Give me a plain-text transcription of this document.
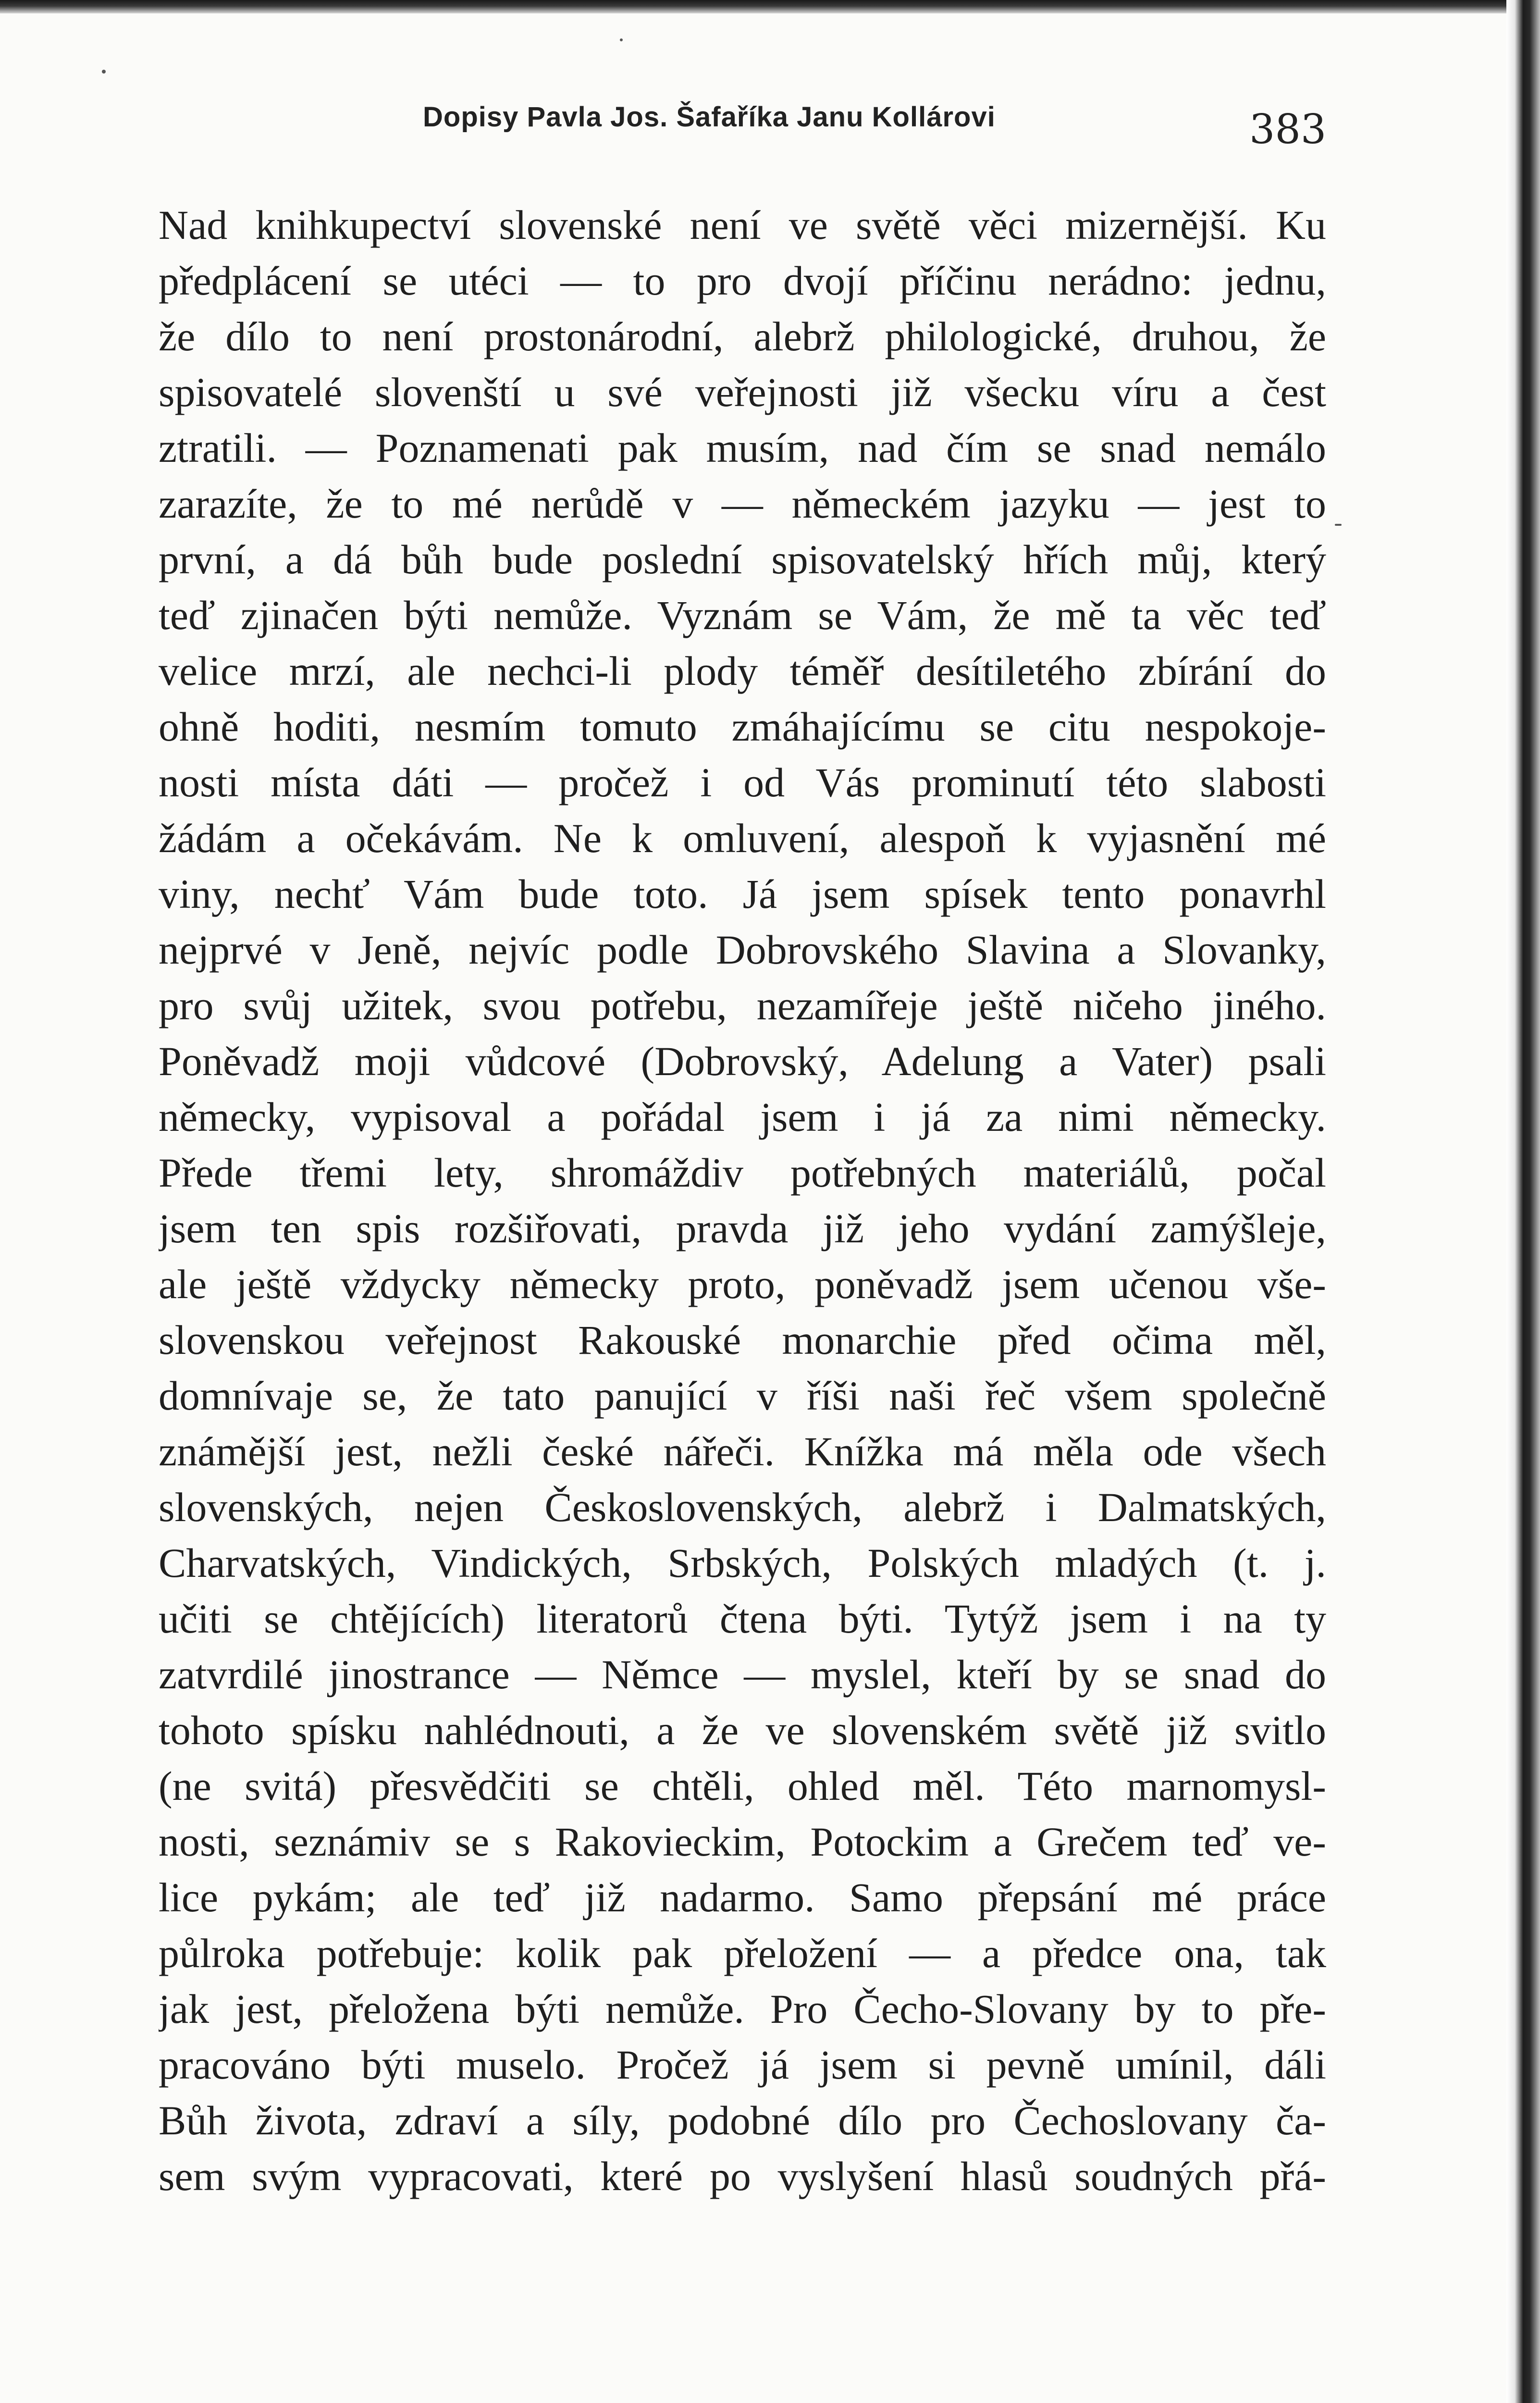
Dopisy Pavla Jos. Šafaříka Janu Kollárovi	383
Nad knihkupectví slovenské není ve světě věci mizernější. Ku
předplácení se utéci — to pro dvojí příčinu nerádno: jednu,
že dílo to není prostonárodní, alebrž philologické, druhou, že
spisovatelé slovenští u své veřejnosti již všecku víru a čest
ztratili. — Poznamenati pak musím, nad čím se snad nemálo
zarazíte, že to mé nerůdě v — německém jazyku — jest to
první, a dá bůh bude poslední spisovatelský hřích můj, který
teď zjinačen býti nemůže. Vyznám se Vám, že mě ta věc teď
velice mrzí, ale nechci-li plody téměř desítiletého zbírání do
ohně hoditi, nesmím tomuto zmáhajícímu se citu nespokoje-
nosti místa dáti — pročež i od Vás prominutí této slabosti
žádám a očekávám. Ne k omluvení, alespoň k vyjasnění mé
viny, nechť Vám bude toto. Já jsem spísek tento ponavrhl
nejprvé v Jeně, nejvíc podle Dobrovského Slavina a Slovanky,
pro svůj užitek, svou potřebu, nezamířeje ještě ničeho jiného.
Poněvadž moji vůdcové (Dobrovský, Adelung a Vater) psali
německy, vypisoval a pořádal jsem i já za nimi německy.
Přede třemi lety, shromáždiv potřebných materiálů, počal
jsem ten spis rozšiřovati, pravda již jeho vydání zamýšleje,
ale ještě vždycky německy proto, poněvadž jsem učenou vše-
slovenskou veřejnost Rakouské monarchie před očima měl,
domnívaje se, že tato panující v říši naši řeč všem společně
známější jest, nežli české nářeči. Knížka má měla ode všech
slovenských, nejen Československých, alebrž i Dalmatských,
Charvatských, Vindických, Srbských, Polských mladých (t. j.
učiti se chtějících) literatorů čtena býti. Tytýž jsem i na ty
zatvrdilé jinostrance — Němce — myslel, kteří by se snad do
tohoto spísku nahlédnouti, a že ve slovenském světě již svitlo
(ne svitá) přesvědčiti se chtěli, ohled měl. Této marnomysl-
nosti, seznámiv se s Rakovieckim, Potockim a Grečem teď ve-
lice pykám; ale teď již nadarmo. Samo přepsání mé práce
půlroka potřebuje: kolik pak přeložení — a předce ona, tak
jak jest, přeložena býti nemůže. Pro Čecho-Slovany by to pře-
pracováno býti muselo. Pročež já jsem si pevně umínil, dáli
Bůh života, zdraví a síly, podobné dílo pro Čechoslovany ča-
sem svým vypracovati, které po vyslyšení hlasů soudných přá-
